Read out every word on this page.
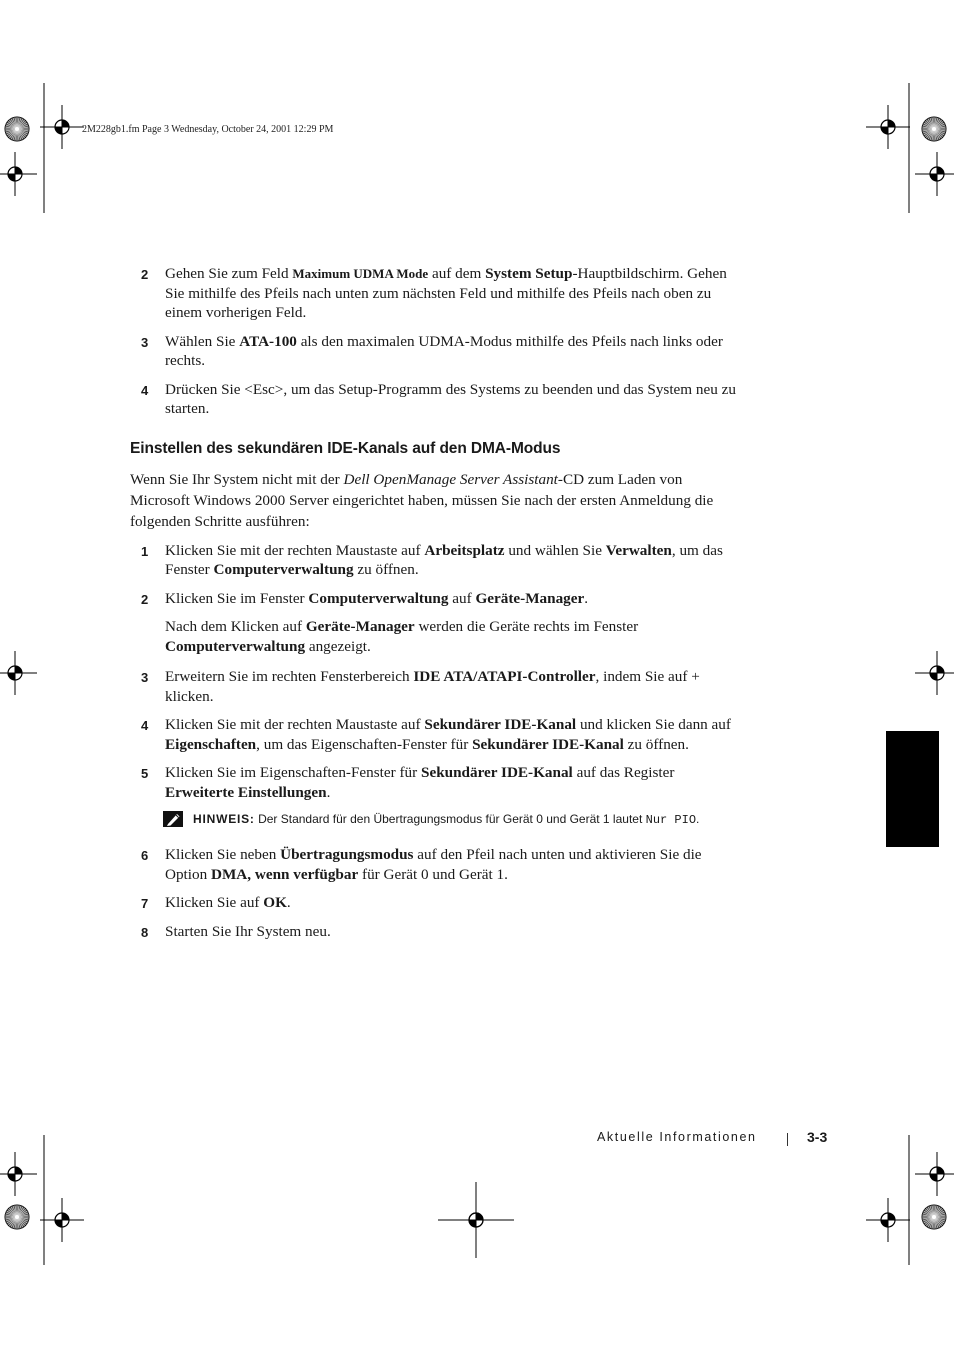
2M228gb1.fm Page 3 Wednesday, October 24, 2001 12:29 PM
2 Gehen Sie zum Feld Maximum UDMA Mode auf dem System Setup-Hauptbildschirm. Gehen Sie mithilfe des Pfeils nach unten zum nächsten Feld und mithilfe des Pfeils nach oben zu einem vorherigen Feld.
3 Wählen Sie ATA-100 als den maximalen UDMA-Modus mithilfe des Pfeils nach links oder rechts.
4 Drücken Sie <Esc>, um das Setup-Programm des Systems zu beenden und das System neu zu starten.
Einstellen des sekundären IDE-Kanals auf den DMA-Modus

Wenn Sie Ihr System nicht mit der Dell OpenManage Server Assistant-CD zum Laden von Microsoft Windows 2000 Server eingerichtet haben, müssen Sie nach der ersten Anmeldung die folgenden Schritte ausführen:

1 Klicken Sie mit der rechten Maustaste auf Arbeitsplatz und wählen Sie Verwalten, um das Fenster Computerverwaltung zu öffnen.
2 Klicken Sie im Fenster Computerverwaltung auf Geräte-Manager.

Nach dem Klicken auf Geräte-Manager werden die Geräte rechts im Fenster Computerverwaltung angezeigt.

3 Erweitern Sie im rechten Fensterbereich IDE ATA/ATAPI-Controller, indem Sie auf + klicken.
4 Klicken Sie mit der rechten Maustaste auf Sekundärer IDE-Kanal und klicken Sie dann auf Eigenschaften, um das Eigenschaften-Fenster für Sekundärer IDE-Kanal zu öffnen.
5 Klicken Sie im Eigenschaften-Fenster für Sekundärer IDE-Kanal auf das Register Erweiterte Einstellungen.
HINWEIS: Der Standard für den Übertragungsmodus für Gerät 0 und Gerät 1 lautet Nur PIO.
6 Klicken Sie neben Übertragungsmodus auf den Pfeil nach unten und aktivieren Sie die Option DMA, wenn verfügbar für Gerät 0 und Gerät 1.
7 Klicken Sie auf OK.
8 Starten Sie Ihr System neu.
Aktuelle Informationen	3-3
